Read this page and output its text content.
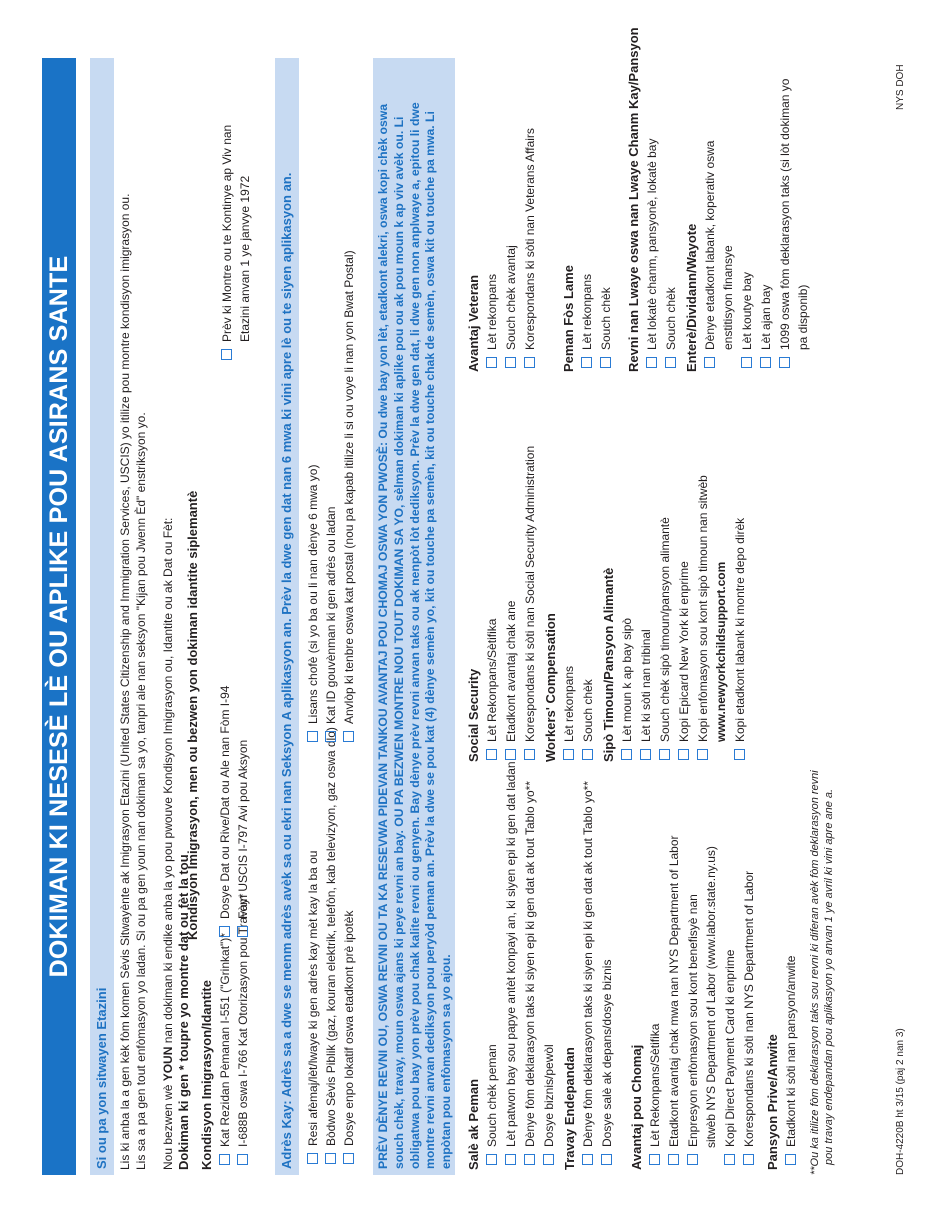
DOKIMAN KI NESESÈ LÈ OU APLIKE POU ASIRANS SANTE
Si ou pa yon sitwayen Etazini Lis ki anba la a gen kèk fòm komen Sèvis Sitwayènte ak Imigrasyon Etazini (United States Citizenship and Immigration Services, USCIS) yo itilize pou montre kondisyon imigrasyon ou. Lis sa a pa gen tout enfòmasyon yo ladan. Si ou pa gen youn nan dokiman sa yo, tanpri ale nan seksyon "Kijan pou Jwenn Èd" enstriksyon yo. Nou bezwen wè YOUN nan dokiman ki endike anba la yo pou pwouve Kondisyon Imigrasyon ou, Idantite ou ak Dat ou Fèt: Dokiman ki gen * toupre yo montre dat ou fèt la tou Kondisyon Imigrasyon/Idantite Kat Rezidan Pèmanan I-551 ("Grinkat")* I-688B oswa I-766 Kat Otorizasyon pou Travay*
Kondisyon Imigrasyon, men ou bezwen yon dokiman idantite siplemantè Dosye Dat ou Rive/Dat ou Ale nan Fòm I-94 Fòm USCIS I-797 Avi pou Aksyon
Prèv ki Montre ou te Kontinye ap Viv nan Etazini anvan 1 ye janvye 1972	Adrès Kay: Adrès sa a dwe se menm adrès avèk sa ou ekri nan Seksyon A aplikasyon an. Prèv la dwe gen dat nan 6 mwa ki vini apre lè ou te siyen aplikasyon an.	Resi afèmaj/lèt/lwaye ki gen adrès kay mèt kay la ba ou Bòdwo Sèvis Piblik (gaz, kouran elektrik, telefòn, kab televizyon, gaz oswa dlo) Dosye enpo lokatif oswa etadkont prè ipotèk
Lisans chofè (si yo ba ou li nan dènye 6 mwa yo) Kat ID gouvènman ki gen adrès ou ladan Anvlòp ki tenbre oswa kat postal (nou pa kapab itilize li si ou voye li nan yon Bwat Postal) PRÈV DÈNYE REVNI OU, OSWA REVNI OU TA KA RESEVWA PIDEVAN TANKOU AVANTAJ POU CHOMAJ OSWA YON PWOSÈ: Ou dwe bay yon lèt, etadkont alekri, oswa kopi chèk oswa souch chèk, travay, moun oswa ajans ki peye revni an bay. OU PA BEZWEN MONTRE NOU TOUT DOKIMAN SA YO, sèlman dokiman ki aplike pou ou ak pou moun k ap viv avèk ou. Li obligatwa pou bay yon prèv pou chak kalite revni ou genyen. Bay dènye prèv revni anvan taks ou ak nenpòt lòt dediksyon. Prèv la dwe gen dat, li dwe gen non anplwaye a, epitou li dwe montre revni anvan dediksyon pou peryòd peman an. Prèv la dwe se pou kat (4) dènye semèn yo, kit ou touche pa semèn, kit ou touche chak de semèn, oswa kit ou touche pa mwa. Li enpòtan pou enfòmasyon sa yo ajou. Salè ak Peman Souch chèk peman Lèt patwon bay sou papye antèt konpayi an, ki siyen epi ki gen dat ladan Dènye fòm deklarasyon taks ki siyen epi ki gen dat ak tout Tablo yo** Dosye biznis/pewòl Travay Endepandan Dènye fòm deklarasyon taks ki siyen epi ki gen dat ak tout Tablo yo** Dosye salè ak depans/dosye biznis Avantaj pou Chomaj Lèt Rekonpans/Sètifika Etadkont avantaj chak mwa nan NYS Department of Labor Enpresyon enfòmasyon sou kont benefisyè nan sitwèb NYS Department of Labor (www.labor.state.ny.us) Kopi Direct Payment Card ki enprime Korespondans ki sòti nan NYS Department of Labor Pansyon Prive/Anwite Etadkont ki sòti nan pansyon/anwite
Social Security Lèt Rekonpans/Sètifika Etadkont avantaj chak ane Korespondans ki sòti nan Social Security Administration Workers' Compensation Lèt rekonpans Souch chèk Sipò Timoun/Pansyon Alimantè Lèt moun k ap bay sipò Lèt ki sòti nan tribinal Souch chèk sipò timoun/pansyon alimantè Kopi Epicard New York ki enprime Kopi enfòmasyon sou kont sipò timoun nan sitwèb www.newyorkchildsupport.com Kopi etadkont labank ki montre depo dirèk
Avantaj Veteran Lèt rekonpans Souch chèk avantaj Korespondans ki sòti nan Veterans Affairs Peman Fòs Lame Lèt rekonpans Souch chèk Revni nan Lwaye oswa nan Lwaye Chanm Kay/Pansyon Lèt lokatè chanm, pansyonè, lokatè bay Souch chèk Enterè/Dividann/Wayote Dènye etadkont labank, koperativ oswa enstitisyon finansye Lèt koutye bay Lèt ajan bay 1099 oswa fòm deklarasyon taks (si lòt dokiman yo pa disponib)
**Ou ka itilize fòm deklarasyon taks sou revni ki diferan avèk fòm deklarasyon revni pou travay endepandan pou aplikasyon yo anvan 1 ye avril ki vini apre ane a.	DOH-4220B ht 3/15 (paj 2 nan 3)
NYS DOH
